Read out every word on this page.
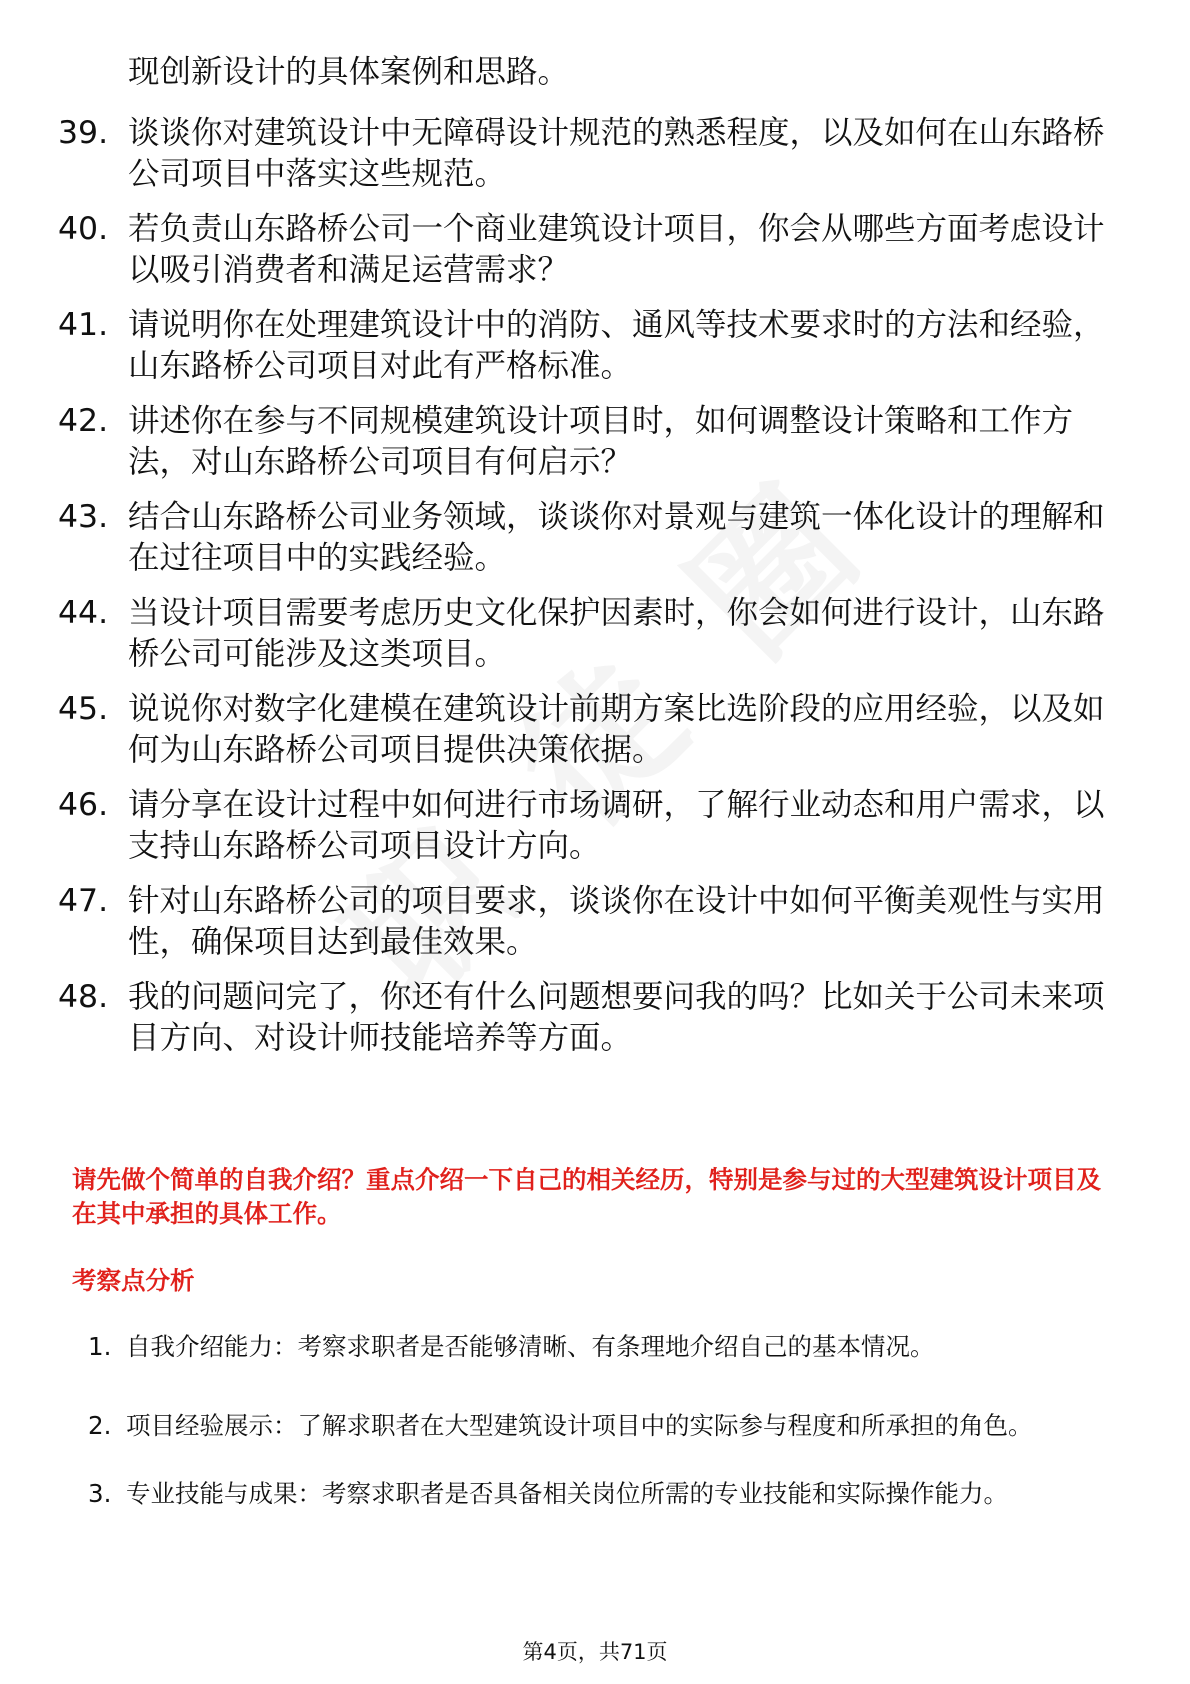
现创新设计的具体案例和思路。
39. 谈谈你对建筑设计中无障碍设计规范的熟悉程度，以及如何在山东路桥公司项目中落实这些规范。
40. 若负责山东路桥公司一个商业建筑设计项目，你会从哪些方面考虑设计以吸引消费者和满足运营需求？
41. 请说明你在处理建筑设计中的消防、通风等技术要求时的方法和经验，山东路桥公司项目对此有严格标准。
42. 讲述你在参与不同规模建筑设计项目时，如何调整设计策略和工作方法，对山东路桥公司项目有何启示？
43. 结合山东路桥公司业务领域，谈谈你对景观与建筑一体化设计的理解和在过往项目中的实践经验。
44. 当设计项目需要考虑历史文化保护因素时，你会如何进行设计，山东路桥公司可能涉及这类项目。
45. 说说你对数字化建模在建筑设计前期方案比选阶段的应用经验，以及如何为山东路桥公司项目提供决策依据。
46. 请分享在设计过程中如何进行市场调研，了解行业动态和用户需求，以支持山东路桥公司项目设计方向。
47. 针对山东路桥公司的项目要求，谈谈你在设计中如何平衡美观性与实用性，确保项目达到最佳效果。
48. 我的问题问完了，你还有什么问题想要问我的吗？比如关于公司未来项目方向、对设计师技能培养等方面。
请先做个简单的自我介绍？重点介绍一下自己的相关经历，特别是参与过的大型建筑设计项目及在其中承担的具体工作。
考察点分析
1. 自我介绍能力：考察求职者是否能够清晰、有条理地介绍自己的基本情况。
2. 项目经验展示：了解求职者在大型建筑设计项目中的实际参与程度和所承担的角色。
3. 专业技能与成果：考察求职者是否具备相关岗位所需的专业技能和实际操作能力。
第4页，共71页
